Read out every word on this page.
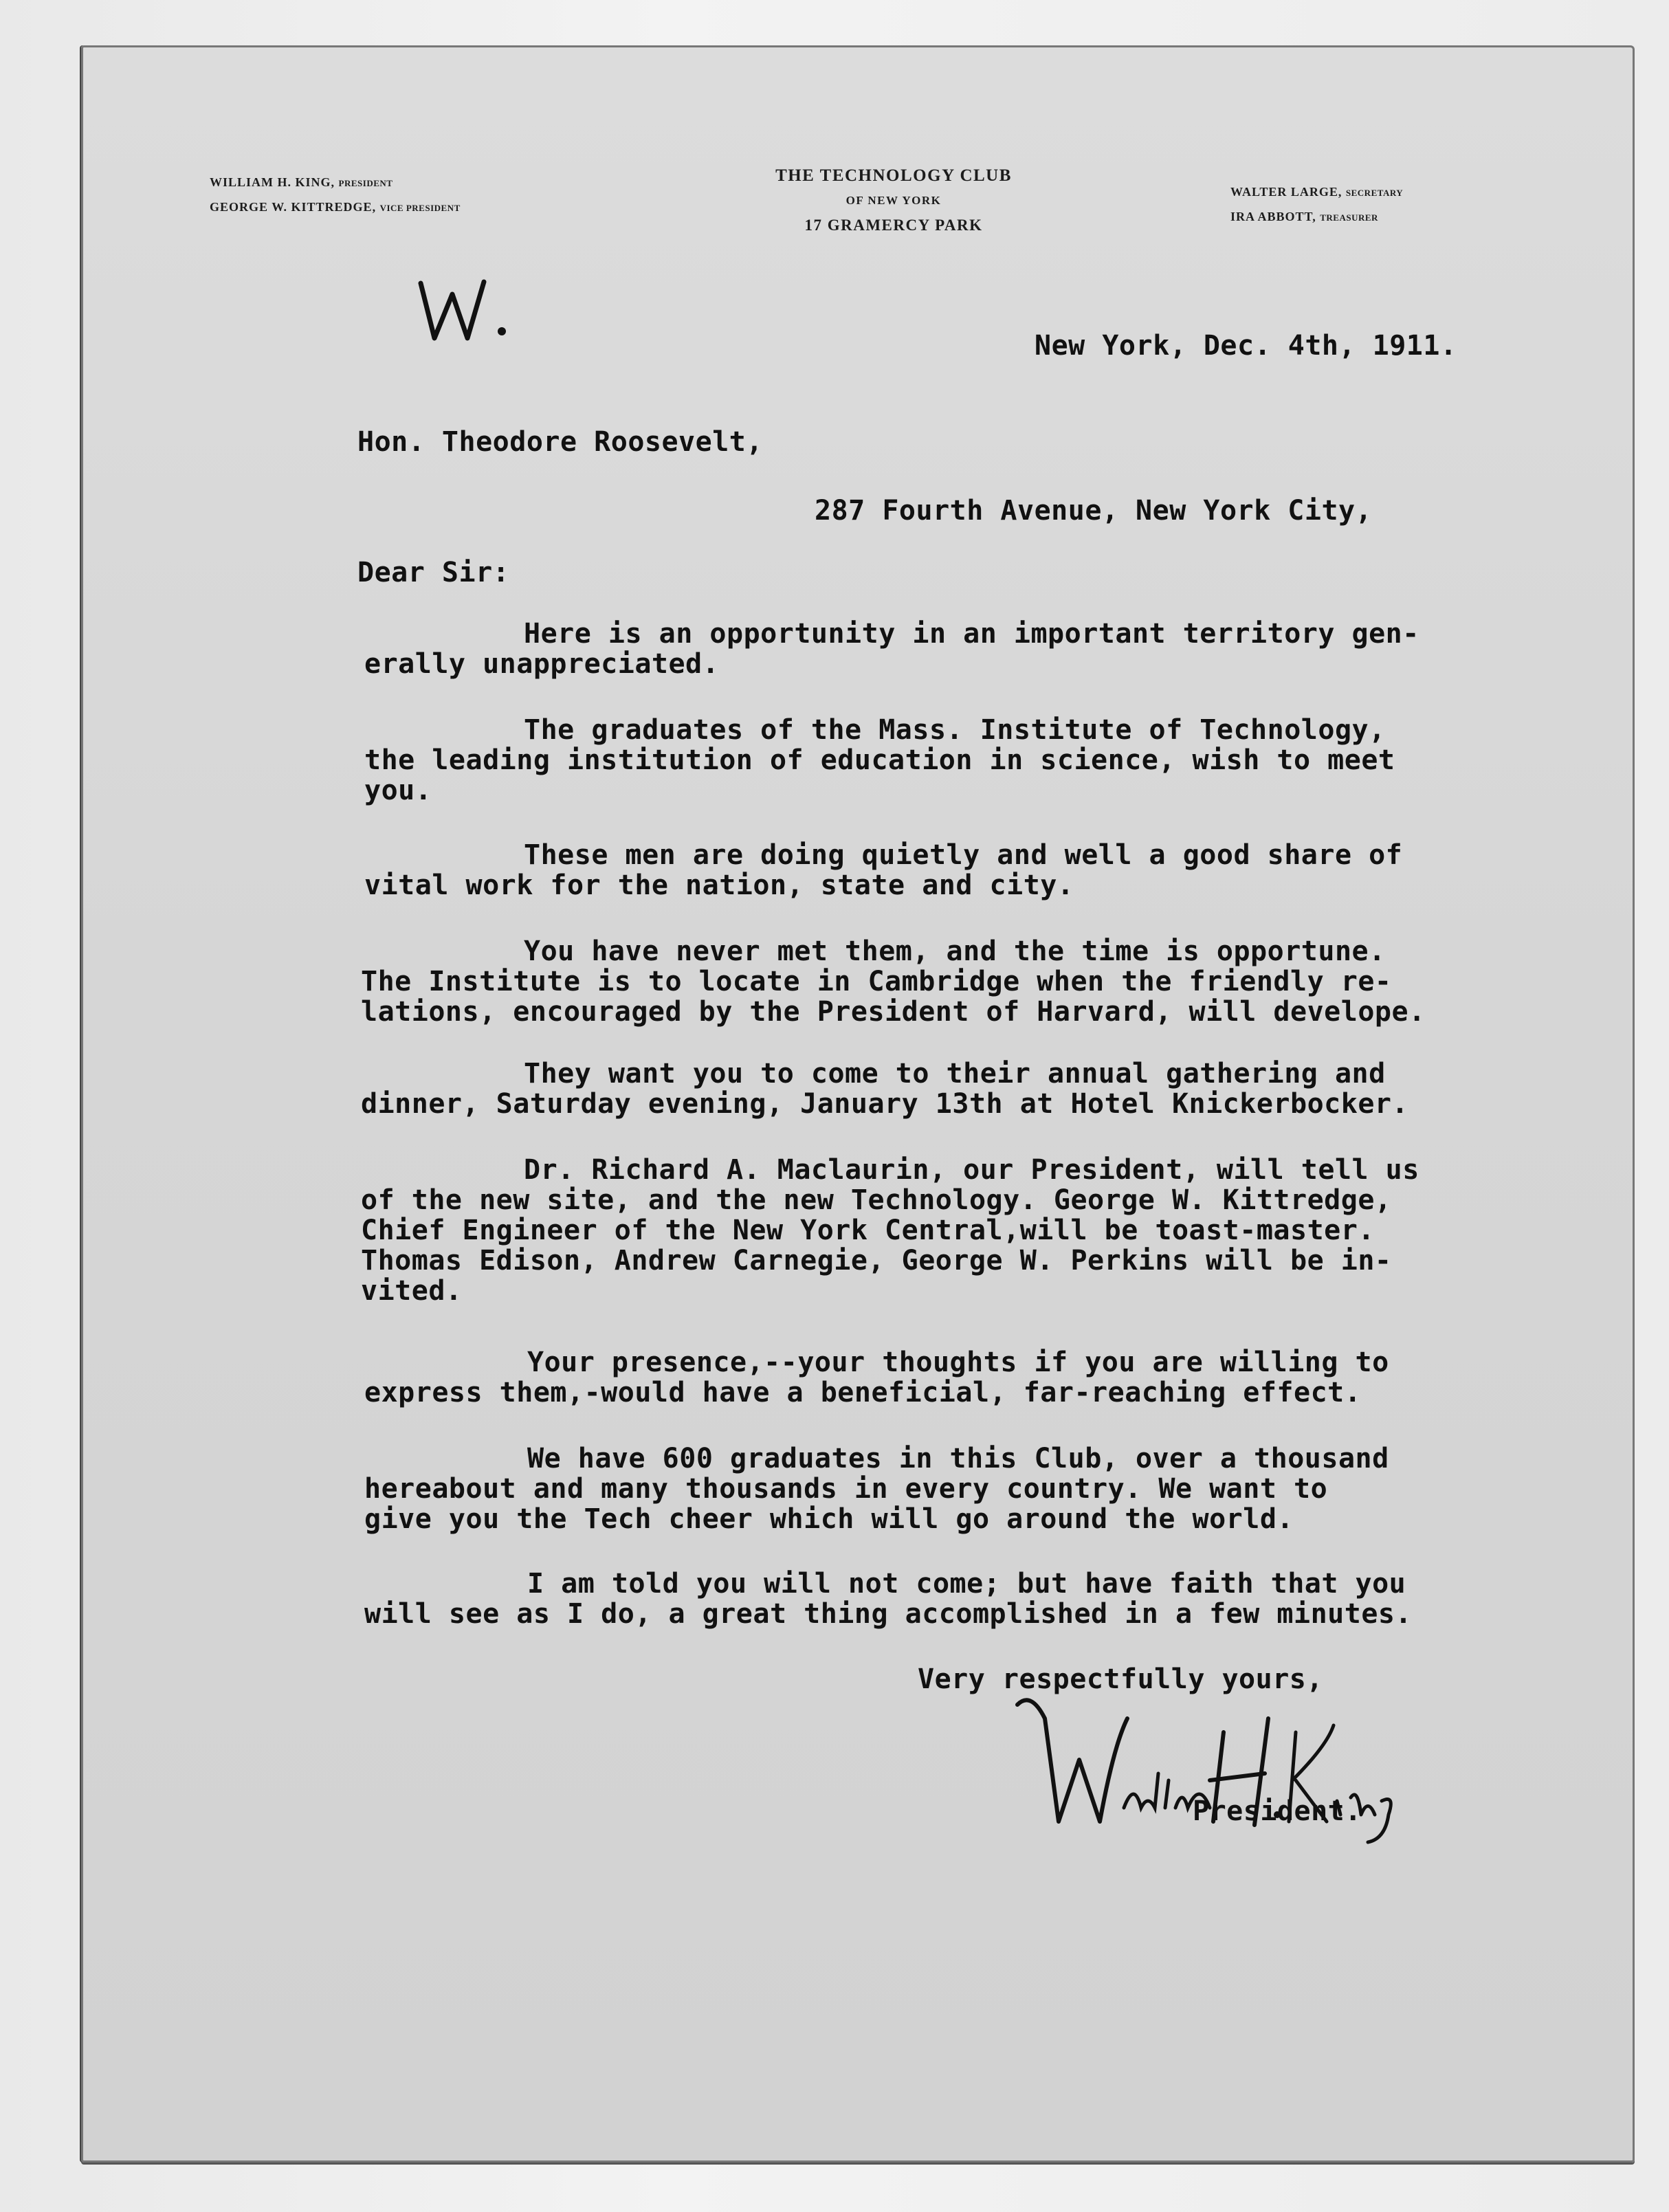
WILLIAM H. KING, PRESIDENT
GEORGE W. KITTREDGE, VICE PRESIDENT
THE TECHNOLOGY CLUB
OF NEW YORK
17 GRAMERCY PARK
WALTER LARGE, SECRETARY
IRA ABBOTT, TREASURER
New York, Dec. 4th, 1911.
Hon. Theodore Roosevelt,
287 Fourth Avenue, New York City,
Dear Sir:
Here is an opportunity in an important territory gen-
erally unappreciated.
The graduates of the Mass. Institute of Technology,
the leading institution of education in science, wish to meet
you.
These men are doing quietly and well a good share of
vital work for the nation, state and city.
You have never met them, and the time is opportune.
The Institute is to locate in Cambridge when the friendly re-
lations, encouraged by the President of Harvard, will develope.
They want you to come to their annual gathering and
dinner, Saturday evening, January 13th at Hotel Knickerbocker.
Dr. Richard A. Maclaurin, our President, will tell us
of the new site, and the new Technology. George W. Kittredge,
Chief Engineer of the New York Central,will be toast-master.
Thomas Edison, Andrew Carnegie, George W. Perkins will be in-
vited.
Your presence,--your thoughts if you are willing to
express them,-would have a beneficial, far-reaching effect.
We have 600 graduates in this Club, over a thousand
hereabout and many thousands in every country. We want to
give you the Tech cheer which will go around the world.
I am told you will not come; but have faith that you
will see as I do, a great thing accomplished in a few minutes.
Very respectfully yours,
President.
